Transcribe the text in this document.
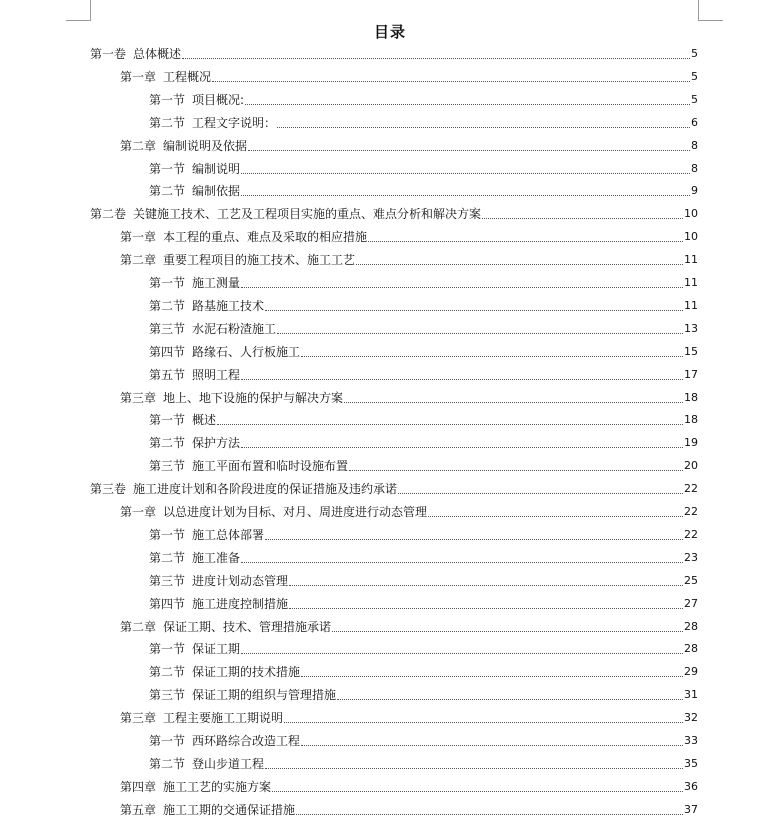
目录
第一卷 总体概述	5
第一章 工程概况	5
第一节 项目概况:	5
第二节 工程文字说明：	6
第二章 编制说明及依据	8
第一节 编制说明	8
第二节 编制依据	9
第二卷 关键施工技术、工艺及工程项目实施的重点、难点分析和解决方案	10
第一章 本工程的重点、难点及采取的相应措施	10
第二章 重要工程项目的施工技术、施工工艺	11
第一节 施工测量	11
第二节 路基施工技术	11
第三节 水泥石粉渣施工	13
第四节 路缘石、人行板施工	15
第五节 照明工程	17
第三章 地上、地下设施的保护与解决方案	18
第一节 概述	18
第二节 保护方法	19
第三节 施工平面布置和临时设施布置	20
第三卷 施工进度计划和各阶段进度的保证措施及违约承诺	22
第一章 以总进度计划为目标、对月、周进度进行动态管理	22
第一节 施工总体部署	22
第二节 施工准备	23
第三节 进度计划动态管理	25
第四节 施工进度控制措施	27
第二章 保证工期、技术、管理措施承诺	28
第一节 保证工期	28
第二节 保证工期的技术措施	29
第三节 保证工期的组织与管理措施	31
第三章 工程主要施工工期说明	32
第一节 西环路综合改造工程	33
第二节 登山步道工程	35
第四章 施工工艺的实施方案	36
第五章 施工工期的交通保证措施	37
